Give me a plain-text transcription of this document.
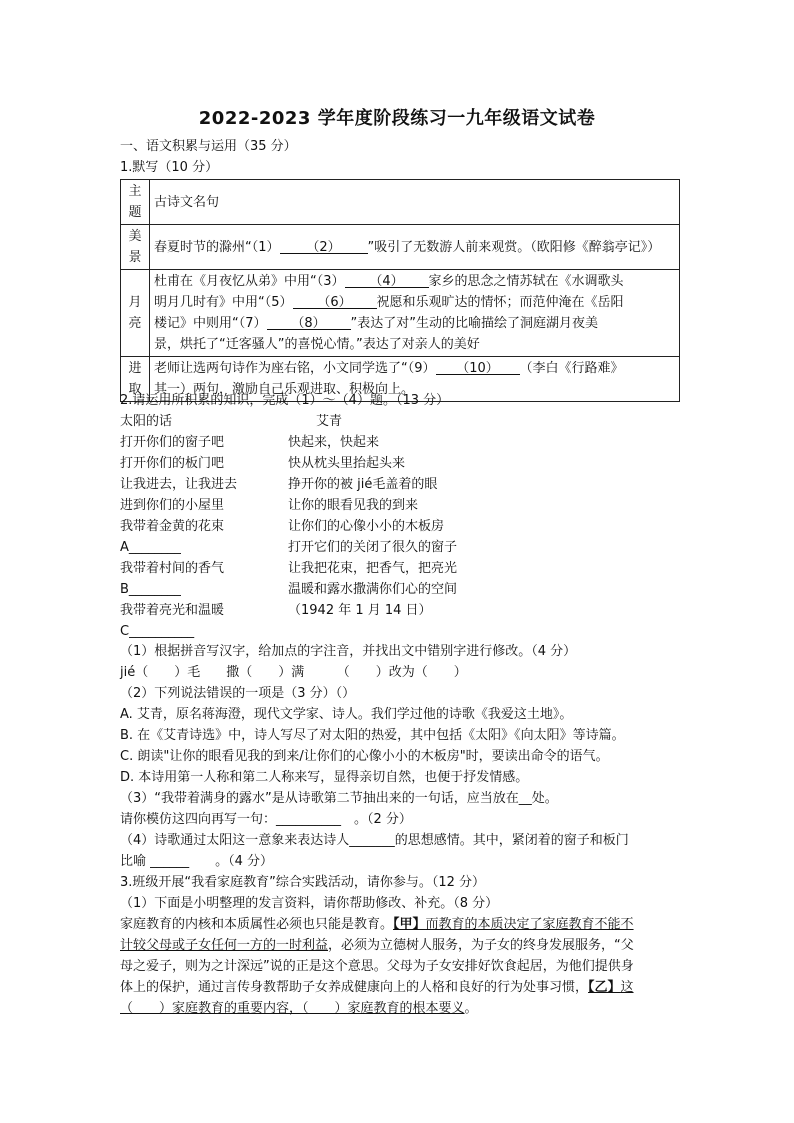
2022-2023 学年度阶段练习一九年级语文试卷
一、语文积累与运用（35 分）
1.默写（10 分）
主题	古诗文名句
美景	春夏时节的滁州“（1） （2） ”吸引了无数游人前来观赏。（欧阳修《醉翁亭记》）
月亮	杜甫在《月夜忆从弟》中用“（3） （4） 家乡的思念之情苏轼在《水调歌头
明月几时有》中用“（5） （6） 祝愿和乐观旷达的情怀；而范仲淹在《岳阳
楼记》中则用“（7） （8） ”表达了对”生动的比喻描绘了洞庭湖月夜美
景，烘托了“迁客骚人”的喜悦心情。”表达了对亲人的美好

进取	老师让选两句诗作为座右铭，小文同学选了“（9） （10） （李白《行路难》
其一）两句，激励自己乐观进取、积极向上。
2.请运用所积累的知识，完成（1）～（4）题。（13 分）
太阳的话	艾青
打开你们的窗子吧
打开你们的板门吧
让我进去，让我进去
进到你们的小屋里
我带着金黄的花束
A________
我带着村间的香气
B________
我带着亮光和温暖
C__________
快起来，快起来
快从枕头里抬起头来
挣开你的被 jié毛盖着的眼
让你的眼看见我的到来
让你们的心像小小的木板房
打开它们的关闭了很久的窗子
让我把花束，把香气，把亮光
温暖和露水撒满你们心的空间
（1942 年 1 月 14 日）
（1）根据拼音写汉字，给加点的字注音，并找出文中错别字进行修改。（4 分）
jié（　　）毛　　撒（　　）满　　　（　　）改为（　　）
（2）下列说法错误的一项是（3 分）（）
A. 艾青，原名蒋海澄，现代文学家、诗人。我们学过他的诗歌《我爱这土地》。
B. 在《艾青诗选》中，诗人写尽了对太阳的热爱，其中包括《太阳》《向太阳》等诗篇。
C. 朗读"让你的眼看见我的到来/让你们的心像小小的木板房"时，要读出命令的语气。
D. 本诗用第一人称和第二人称来写，显得亲切自然，也便于抒发情感。
（3）“我带着满身的露水”是从诗歌第二节抽出来的一句话，应当放在__处。
请你模仿这四向再写一句：__________　。（2 分）
（4）诗歌通过太阳这一意象来表达诗人_______的思想感情。其中，紧闭着的窗子和板门
比喻 ______　　。（4 分）
3.班级开展“我看家庭教育”综合实践活动，请你参与。（12 分）
（1）下面是小明整理的发言资料，请你帮助修改、补充。（8 分）
家庭教育的内核和本质属性必须也只能是教育。【甲】而教育的本质决定了家庭教育不能不
计较父母或子女任何一方的一时利益，必须为立德树人服务，为子女的终身发展服务，“父
母之爱子，则为之计深远”说的正是这个意思。父母为子女安排好饮食起居，为他们提供身
体上的保护，通过言传身教帮助子女养成健康向上的人格和良好的行为处事习惯，【乙】这
（　　）家庭教育的重要内容，（　　）家庭教育的根本要义。
